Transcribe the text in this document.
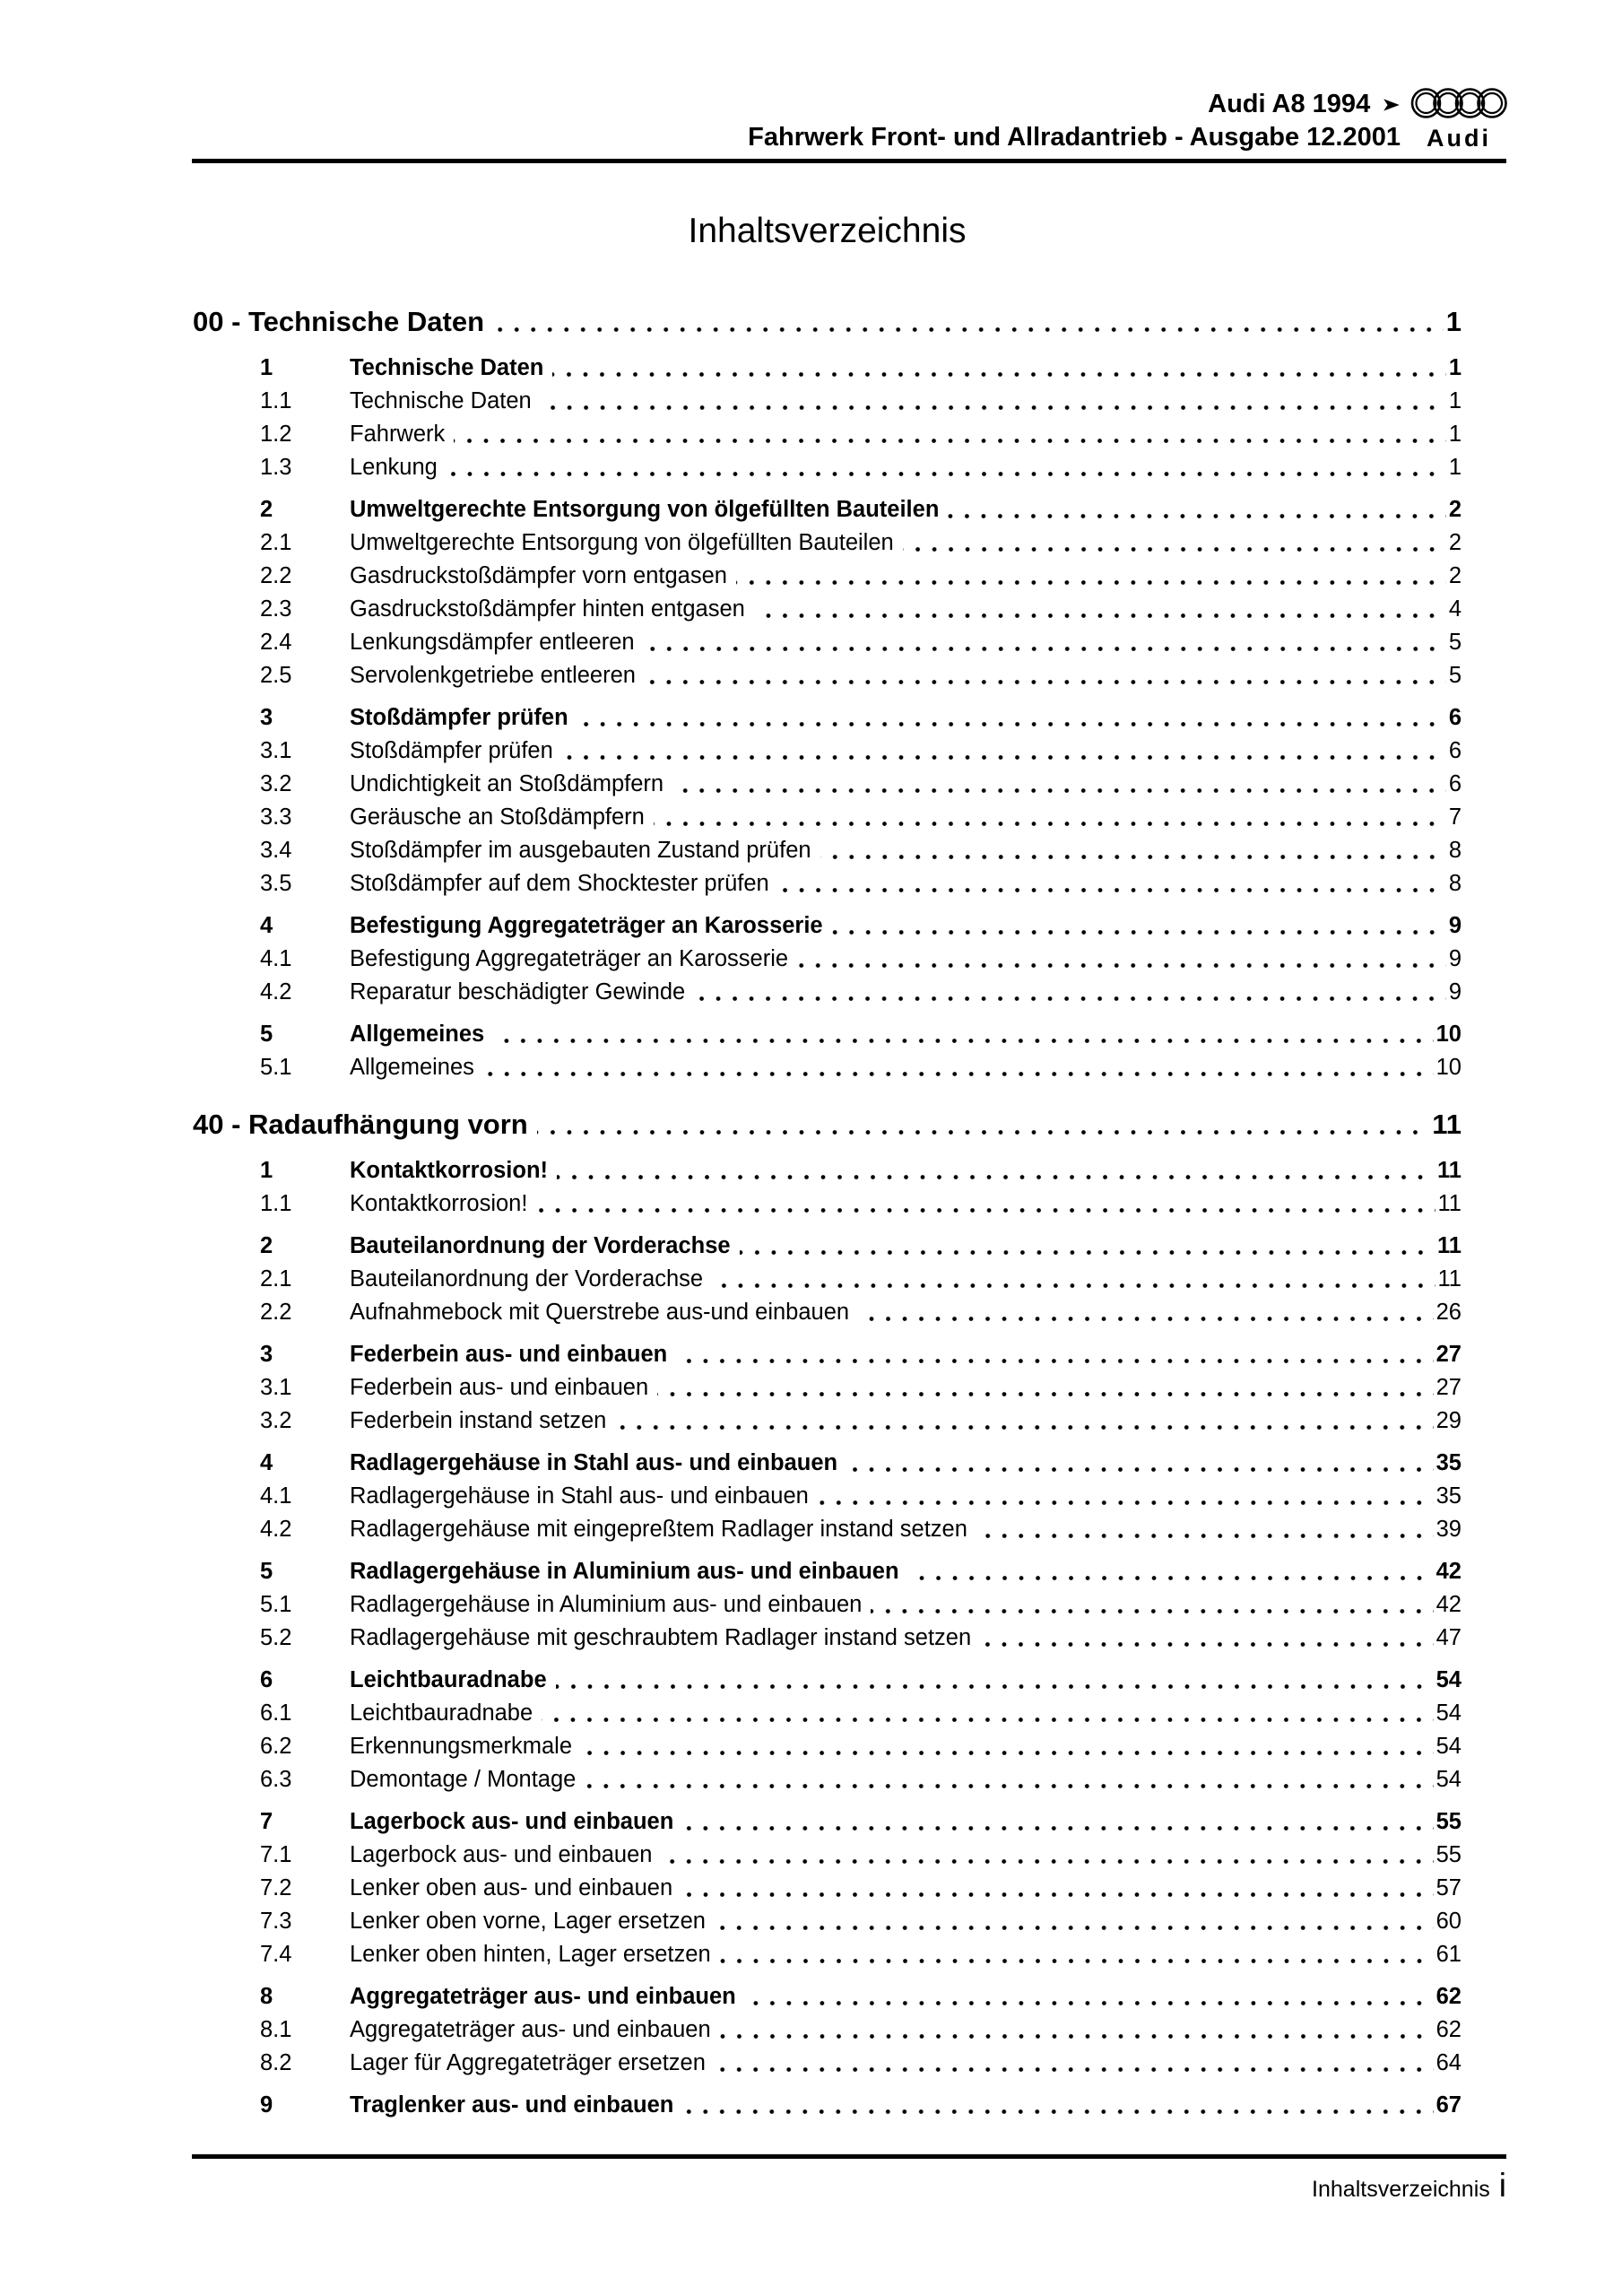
Audi A8 1994 ➤
Fahrwerk Front- und Allradantrieb - Ausgabe 12.2001	Audi
Inhaltsverzeichnis
00 - Technische Daten	1
1	Technische Daten	1
1.1	Technische Daten	1
1.2	Fahrwerk	1
1.3	Lenkung	1
2	Umweltgerechte Entsorgung von ölgefüllten Bauteilen	2
2.1	Umweltgerechte Entsorgung von ölgefüllten Bauteilen	2
2.2	Gasdruckstoßdämpfer vorn entgasen	2
2.3	Gasdruckstoßdämpfer hinten entgasen	4
2.4	Lenkungsdämpfer entleeren	5
2.5	Servolenkgetriebe entleeren	5
3	Stoßdämpfer prüfen	6
3.1	Stoßdämpfer prüfen	6
3.2	Undichtigkeit an Stoßdämpfern	6
3.3	Geräusche an Stoßdämpfern	7
3.4	Stoßdämpfer im ausgebauten Zustand prüfen	8
3.5	Stoßdämpfer auf dem Shocktester prüfen	8
4	Befestigung Aggregateträger an Karosserie	9
4.1	Befestigung Aggregateträger an Karosserie	9
4.2	Reparatur beschädigter Gewinde	9
5	Allgemeines	10
5.1	Allgemeines	10
40 - Radaufhängung vorn	11
1	Kontaktkorrosion!	11
1.1	Kontaktkorrosion!	11
2	Bauteilanordnung der Vorderachse	11
2.1	Bauteilanordnung der Vorderachse	11
2.2	Aufnahmebock mit Querstrebe aus-und einbauen	26
3	Federbein aus- und einbauen	27
3.1	Federbein aus- und einbauen	27
3.2	Federbein instand setzen	29
4	Radlagergehäuse in Stahl aus- und einbauen	35
4.1	Radlagergehäuse in Stahl aus- und einbauen	35
4.2	Radlagergehäuse mit eingepreßtem Radlager instand setzen	39
5	Radlagergehäuse in Aluminium aus- und einbauen	42
5.1	Radlagergehäuse in Aluminium aus- und einbauen	42
5.2	Radlagergehäuse mit geschraubtem Radlager instand setzen	47
6	Leichtbauradnabe	54
6.1	Leichtbauradnabe	54
6.2	Erkennungsmerkmale	54
6.3	Demontage / Montage	54
7	Lagerbock aus- und einbauen	55
7.1	Lagerbock aus- und einbauen	55
7.2	Lenker oben aus- und einbauen	57
7.3	Lenker oben vorne, Lager ersetzen	60
7.4	Lenker oben hinten, Lager ersetzen	61
8	Aggregateträger aus- und einbauen	62
8.1	Aggregateträger aus- und einbauen	62
8.2	Lager für Aggregateträger ersetzen	64
9	Traglenker aus- und einbauen	67
Inhaltsverzeichnis i
